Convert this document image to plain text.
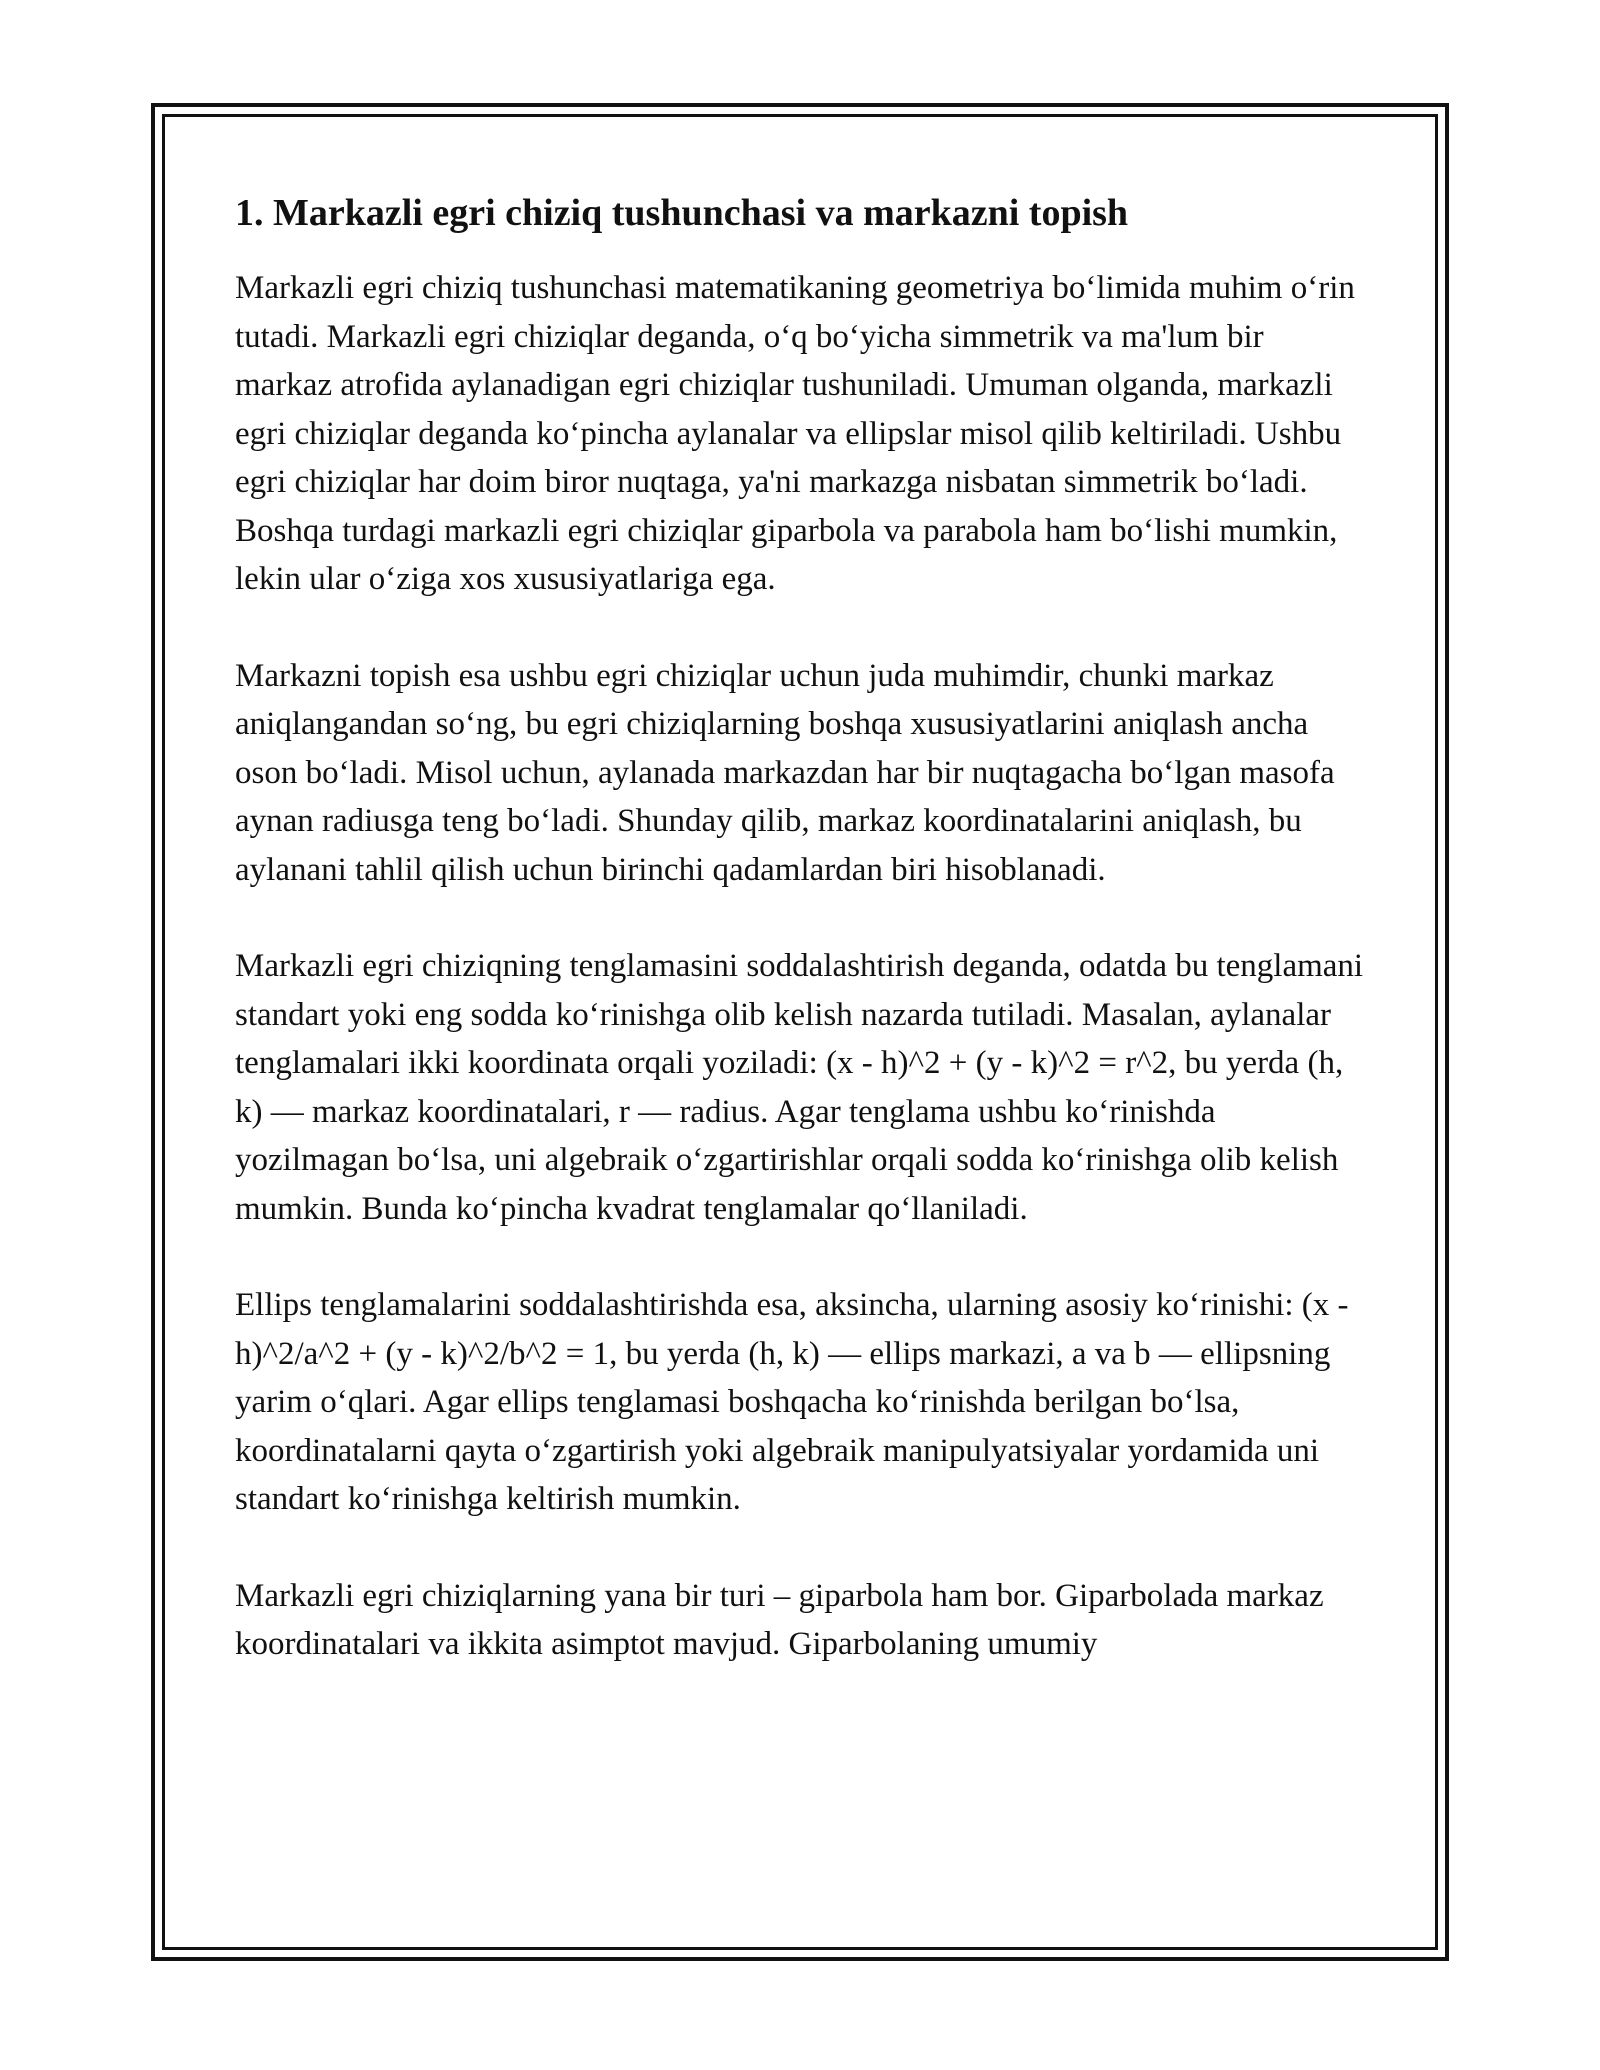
1. Markazli egri chiziq tushunchasi va markazni topish

Markazli egri chiziq tushunchasi matematikaning geometriya bo‘limida muhim o‘rin tutadi. Markazli egri chiziqlar deganda, o‘q bo‘yicha simmetrik va ma'lum bir markaz atrofida aylanadigan egri chiziqlar tushuniladi. Umuman olganda, markazli egri chiziqlar deganda ko‘pincha aylanalar va ellipslar misol qilib keltiriladi. Ushbu egri chiziqlar har doim biror nuqtaga, ya'ni markazga nisbatan simmetrik bo‘ladi. Boshqa turdagi markazli egri chiziqlar giparbola va parabola ham bo‘lishi mumkin, lekin ular o‘ziga xos xususiyatlariga ega.

Markazni topish esa ushbu egri chiziqlar uchun juda muhimdir, chunki markaz aniqlangandan so‘ng, bu egri chiziqlarning boshqa xususiyatlarini aniqlash ancha oson bo‘ladi. Misol uchun, aylanada markazdan har bir nuqtagacha bo‘lgan masofa aynan radiusga teng bo‘ladi. Shunday qilib, markaz koordinatalarini aniqlash, bu aylanani tahlil qilish uchun birinchi qadamlardan biri hisoblanadi.

Markazli egri chiziqning tenglamasini soddalashtirish deganda, odatda bu tenglamani standart yoki eng sodda ko‘rinishga olib kelish nazarda tutiladi. Masalan, aylanalar tenglamalari ikki koordinata orqali yoziladi: (x - h)^2 + (y - k)^2 = r^2, bu yerda (h, k) — markaz koordinatalari, r — radius. Agar tenglama ushbu ko‘rinishda yozilmagan bo‘lsa, uni algebraik o‘zgartirishlar orqali sodda ko‘rinishga olib kelish mumkin. Bunda ko‘pincha kvadrat tenglamalar qo‘llaniladi.

Ellips tenglamalarini soddalashtirishda esa, aksincha, ularning asosiy ko‘rinishi: (x - h)^2/a^2 + (y - k)^2/b^2 = 1, bu yerda (h, k) — ellips markazi, a va b — ellipsning yarim o‘qlari. Agar ellips tenglamasi boshqacha ko‘rinishda berilgan bo‘lsa, koordinatalarni qayta o‘zgartirish yoki algebraik manipulyatsiyalar yordamida uni standart ko‘rinishga keltirish mumkin.

Markazli egri chiziqlarning yana bir turi – giparbola ham bor. Giparbolada markaz koordinatalari va ikkita asimptot mavjud. Giparbolaning umumiy
